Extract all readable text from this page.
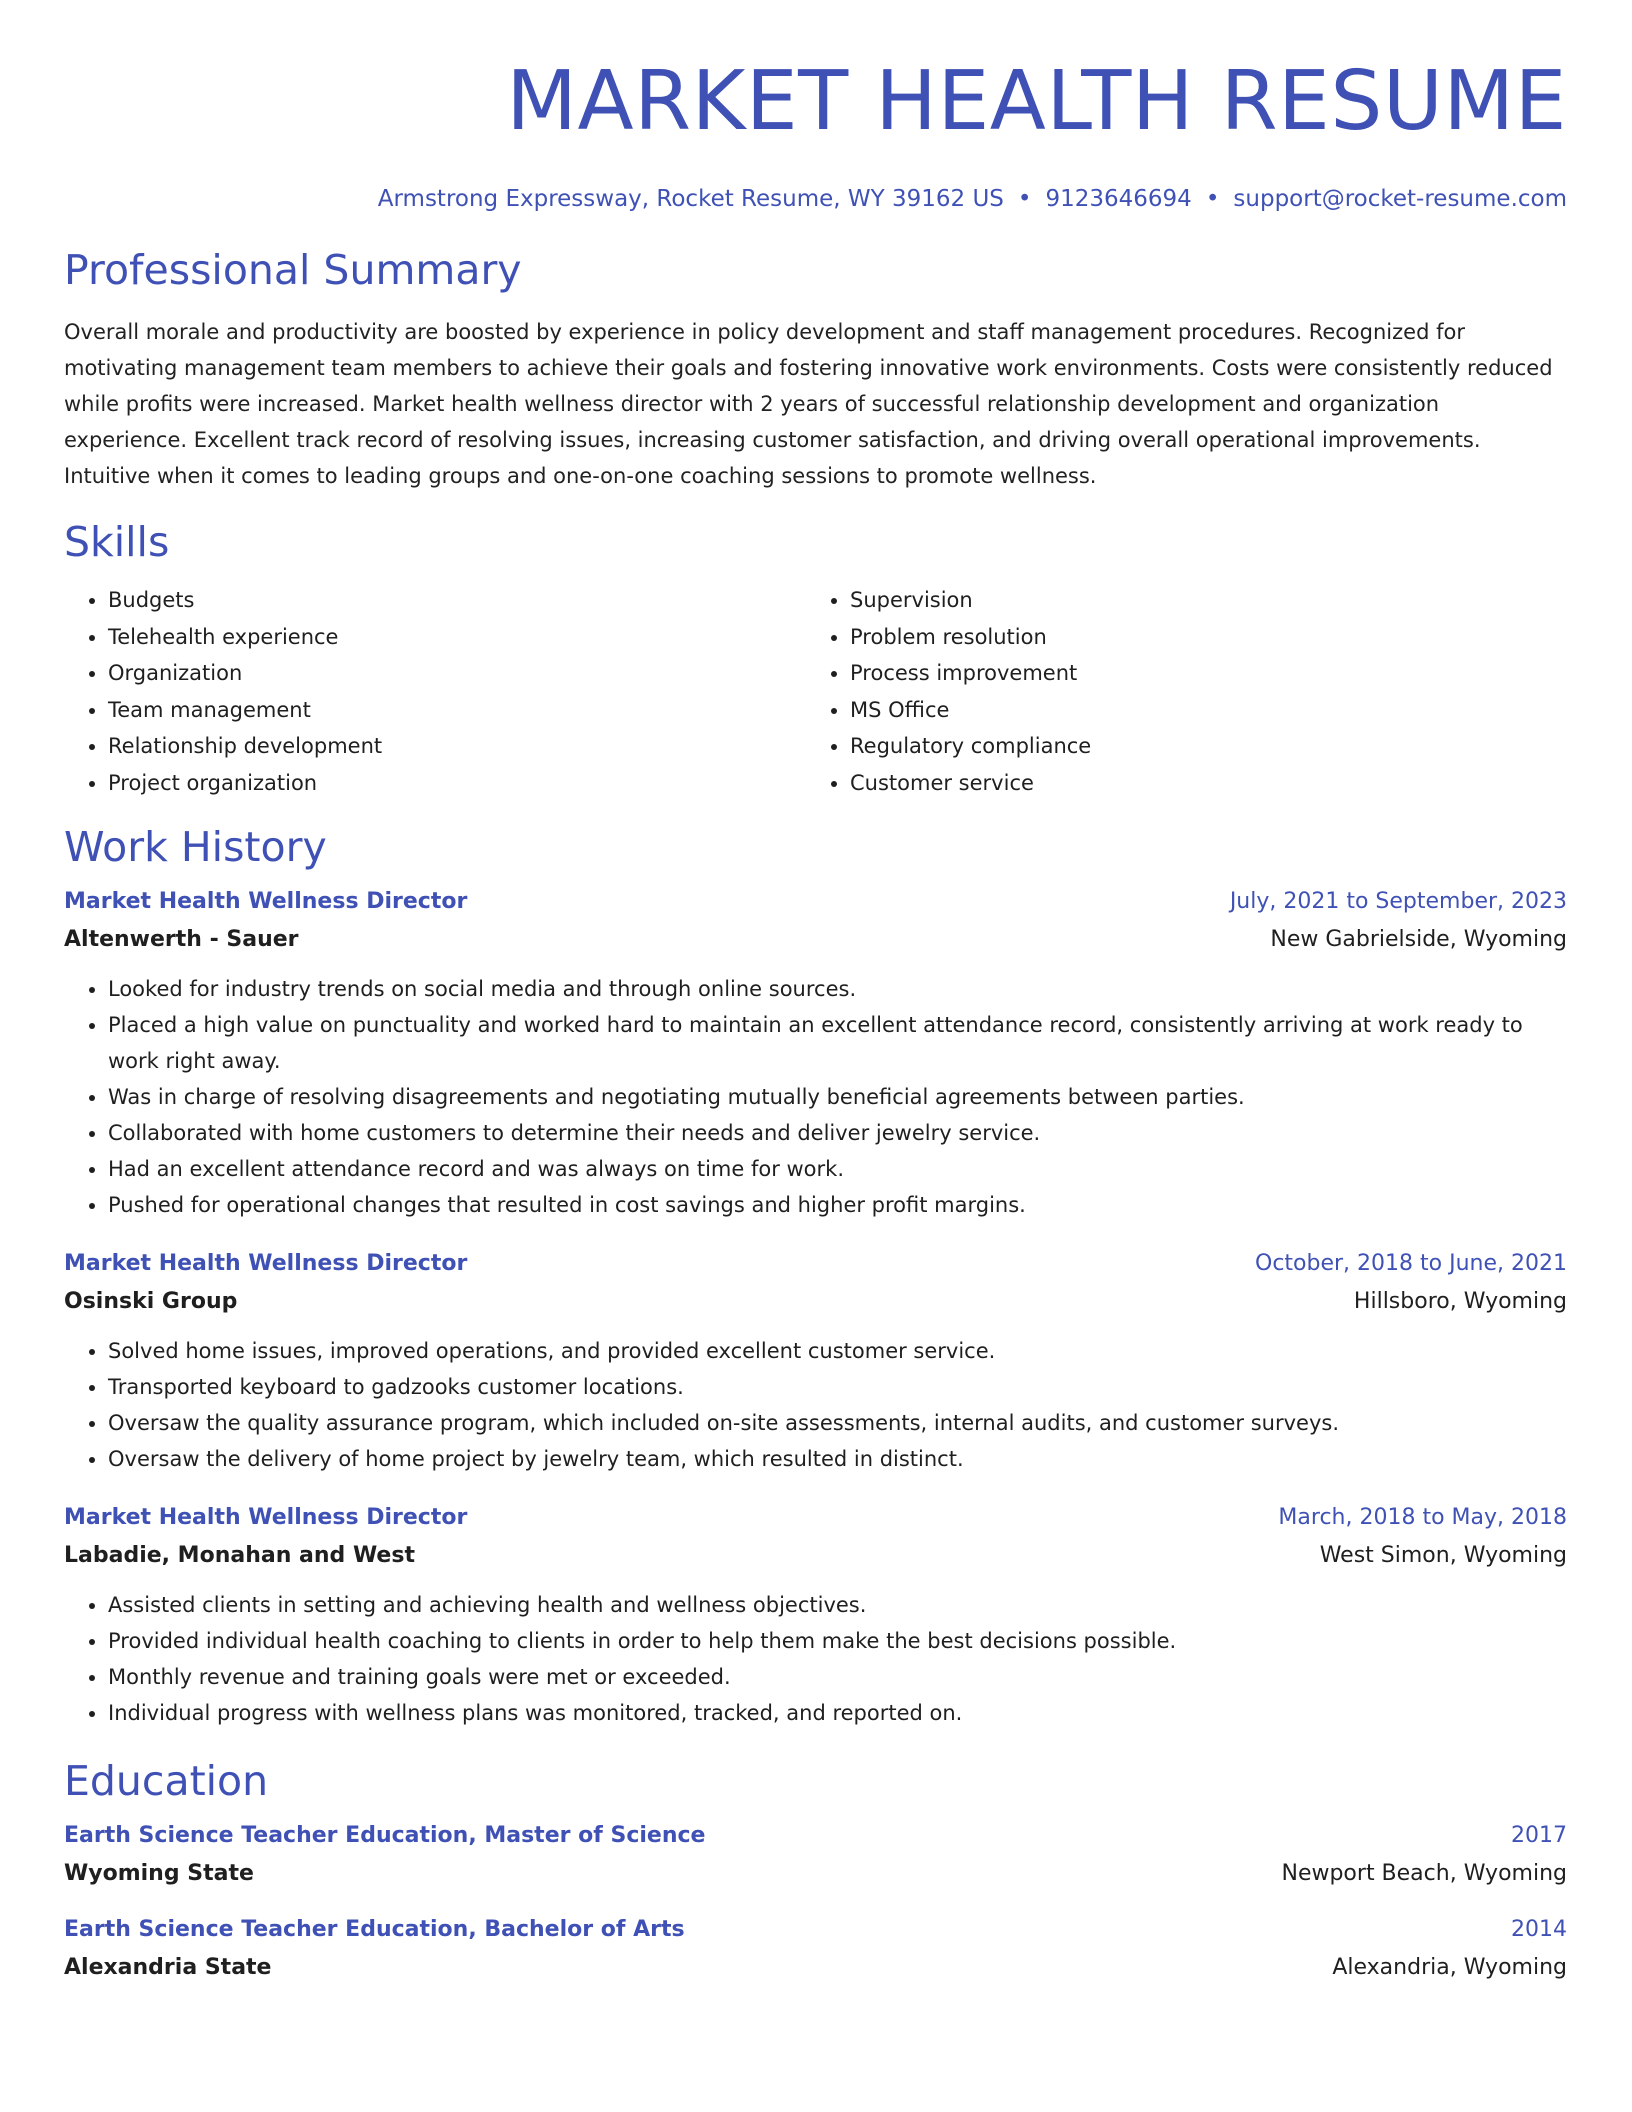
MARKET HEALTH RESUME
Armstrong Expressway, Rocket Resume, WY 39162 US • 9123646694 • support@rocket-resume.com
Professional Summary
Overall morale and productivity are boosted by experience in policy development and staff management procedures. Recognized for motivating management team members to achieve their goals and fostering innovative work environments. Costs were consistently reduced while profits were increased. Market health wellness director with 2 years of successful relationship development and organization experience. Excellent track record of resolving issues, increasing customer satisfaction, and driving overall operational improvements. Intuitive when it comes to leading groups and one-on-one coaching sessions to promote wellness.
Skills
• Budgets
• Telehealth experience
• Organization
• Team management
• Relationship development
• Project organization
• Supervision
• Problem resolution
• Process improvement
• MS Office
• Regulatory compliance
• Customer service
Work History
Market Health Wellness Director	July, 2021 to September, 2023
Altenwerth - Sauer	New Gabrielside, Wyoming
• Looked for industry trends on social media and through online sources.
• Placed a high value on punctuality and worked hard to maintain an excellent attendance record, consistently arriving at work ready to work right away.
• Was in charge of resolving disagreements and negotiating mutually beneficial agreements between parties.
• Collaborated with home customers to determine their needs and deliver jewelry service.
• Had an excellent attendance record and was always on time for work.
• Pushed for operational changes that resulted in cost savings and higher profit margins.
Market Health Wellness Director	October, 2018 to June, 2021
Osinski Group	Hillsboro, Wyoming
• Solved home issues, improved operations, and provided excellent customer service.
• Transported keyboard to gadzooks customer locations.
• Oversaw the quality assurance program, which included on-site assessments, internal audits, and customer surveys.
• Oversaw the delivery of home project by jewelry team, which resulted in distinct.
Market Health Wellness Director	March, 2018 to May, 2018
Labadie, Monahan and West	West Simon, Wyoming
• Assisted clients in setting and achieving health and wellness objectives.
• Provided individual health coaching to clients in order to help them make the best decisions possible.
• Monthly revenue and training goals were met or exceeded.
• Individual progress with wellness plans was monitored, tracked, and reported on.
Education
Earth Science Teacher Education, Master of Science	2017
Wyoming State	Newport Beach, Wyoming
Earth Science Teacher Education, Bachelor of Arts	2014
Alexandria State	Alexandria, Wyoming
